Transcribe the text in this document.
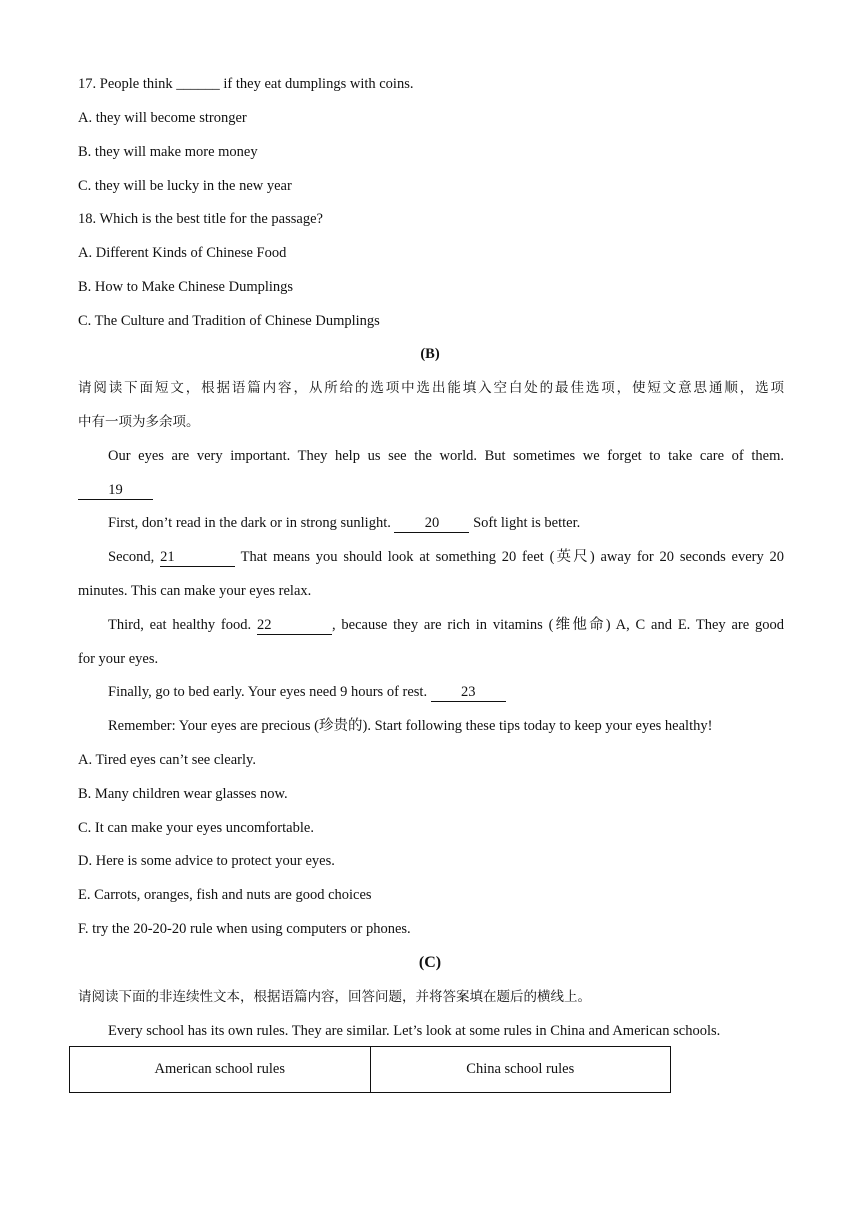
17. People think ______ if they eat dumplings with coins.
A. they will become stronger
B. they will make more money
C. they will be lucky in the new year
18. Which is the best title for the passage?
A. Different Kinds of Chinese Food
B. How to Make Chinese Dumplings
C. The Culture and Tradition of Chinese Dumplings
(B)
请阅读下面短文，根据语篇内容，从所给的选项中选出能填入空白处的最佳选项，使短文意思通顺，选项
中有一项为多余项。
Our eyes are very important. They help us see the world. But sometimes we forget to take care of them.
19
First, don’t read in the dark or in strong sunlight. 20 Soft light is better.
Second, 21	That means you should look at something 20 feet (英尺) away for 20 seconds every 20
minutes. This can make your eyes relax.
Third, eat healthy food. 22	, because they are rich in vitamins (维他命) A, C and E. They are good
for your eyes.
Finally, go to bed early. Your eyes need 9 hours of rest. 23
Remember: Your eyes are precious (珍贵的). Start following these tips today to keep your eyes healthy!
A. Tired eyes can’t see clearly.
B. Many children wear glasses now.
C. It can make your eyes uncomfortable.
D. Here is some advice to protect your eyes.
E. Carrots, oranges, fish and nuts are good choices
F. try the 20-20-20 rule when using computers or phones.
(C)
请阅读下面的非连续性文本，根据语篇内容，回答问题，并将答案填在题后的横线上。
Every school has its own rules. They are similar. Let’s look at some rules in China and American schools.
American school rules	China school rules
